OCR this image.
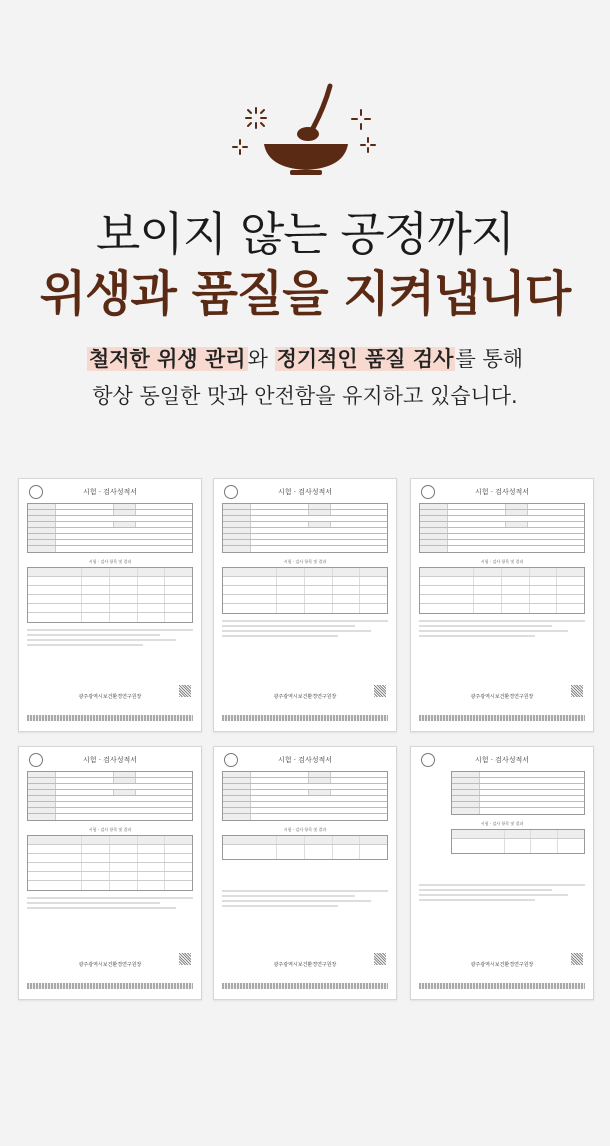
보이지 않는 공정까지
위생과 품질을 지켜냅니다
철저한 위생 관리와 정기적인 품질 검사를 통해
항상 동일한 맛과 안전함을 유지하고 있습니다.
시험 · 검사성적서
시험 · 검사 항목 및 결과
광주광역시보건환경연구원장
시험 · 검사성적서
시험 · 검사 항목 및 결과
광주광역시보건환경연구원장
시험 · 검사성적서
시험 · 검사 항목 및 결과
광주광역시보건환경연구원장
시험 · 검사성적서
시험 · 검사 항목 및 결과
광주광역시보건환경연구원장
시험 · 검사성적서
시험 · 검사 항목 및 결과
광주광역시보건환경연구원장
시험 · 검사성적서
시험 · 검사 항목 및 결과
광주광역시보건환경연구원장
